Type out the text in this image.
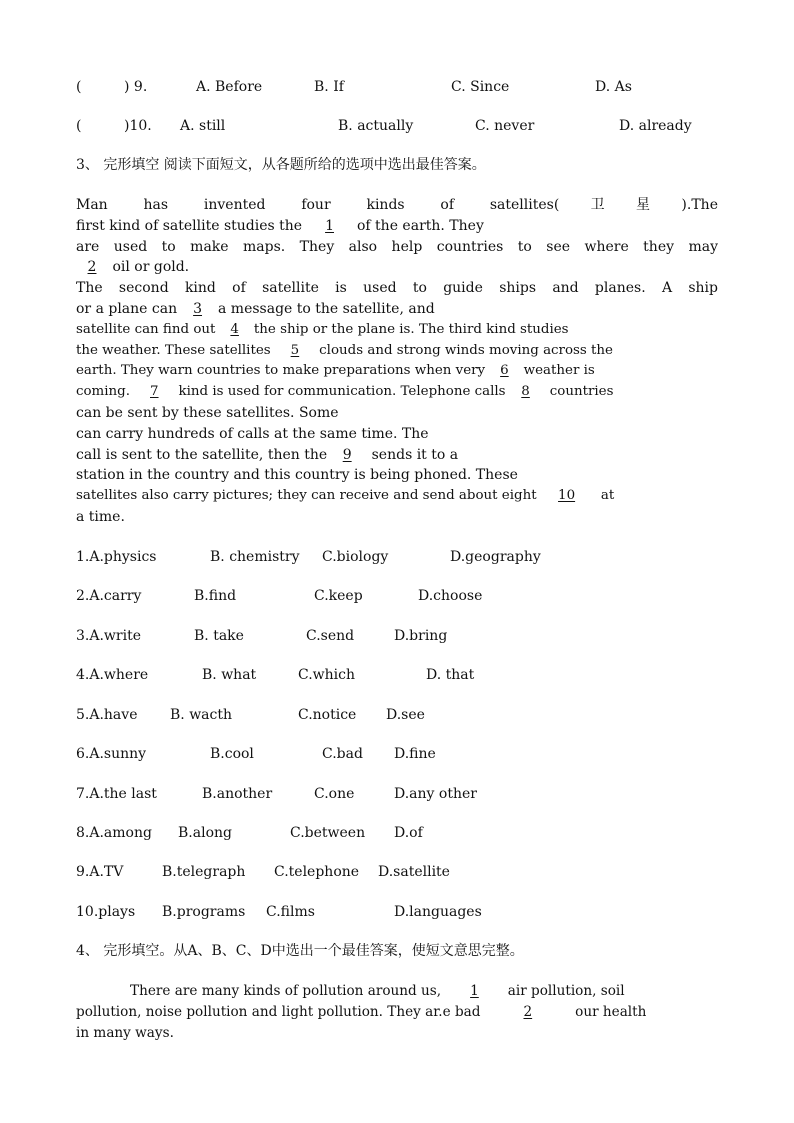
(	) 9.	A. Before	B. If	C. Since	D. As
(	)10. A. still	B. actually	C. never	D. already
3、 完形填空 阅读下面短文，从各题所给的选项中选出最佳答案。
Man has invented four kinds of satellites(卫星).The
first kind of satellite studies the 1 of the earth. They
are used to make maps. They also help countries to see where they may
2 oil or gold.
The second kind of satellite is used to guide ships and planes. A ship
or a plane can 3 a message to the satellite, and
satellite can find out 4 the ship or the plane is. The third kind studies
the weather. These satellites 5 clouds and strong winds moving across the
earth. They warn countries to make preparations when very 6 weather is
coming. 7 kind is used for communication. Telephone calls 8 countries
can be sent by these satellites. Some
can carry hundreds of calls at the same time. The
call is sent to the satellite, then the 9 sends it to a
station in the country and this country is being phoned. These
satellites also carry pictures; they can receive and send about eight 10 at
a time.
1.A.physics	B. chemistry C.biology	D.geography
2.A.carry	B.find	C.keep	D.choose
3.A.write	B. take	C.send	D.bring
4.A.where	B. what	C.which	D. that
5.A.have B. wacth	C.notice D.see
6.A.sunny	B.cool	C.bad D.fine
7.A.the last	B.another	C.one	D.any other
8.A.among B.along	C.between D.of
9.A.TV	B.telegraph C.telephone D.satellite
10.plays B.programs C.films	D.languages
4、 完形填空。从A、B、C、D中选出一个最佳答案，使短文意思完整。
There are many kinds of pollution around us, 1 air pollution, soil
pollution, noise pollution and light pollution. They ar.e bad	2	our health
in many ways.
